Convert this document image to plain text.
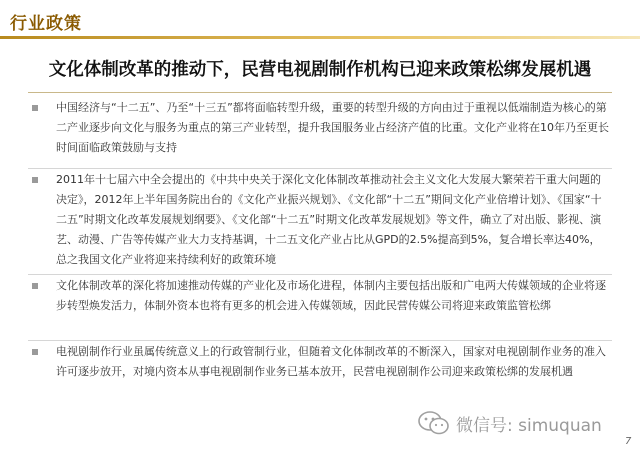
行业政策
文化体制改革的推动下，民营电视剧制作机构已迎来政策松绑发展机遇
中国经济与“十二五”、乃至“十三五”都将面临转型升级，重要的转型升级的方向由过于重视以低端制造为核心的第二产业逐步向文化与服务为重点的第三产业转型，提升我国服务业占经济产值的比重。文化产业将在10年乃至更长时间面临政策鼓励与支持
2011年十七届六中全会提出的《中共中央关于深化文化体制改革推动社会主义文化大发展大繁荣若干重大问题的决定》，2012年上半年国务院出台的《文化产业振兴规划》、《文化部“十二五”期间文化产业倍增计划》、《国家“十二五”时期文化改革发展规划纲要》、《文化部“十二五”时期文化改革发展规划》等文件，确立了对出版、影视、演艺、动漫、广告等传媒产业大力支持基调，十二五文化产业占比从GPD的2.5%提高到5%，复合增长率达40%，总之我国文化产业将迎来持续利好的政策环境
文化体制改革的深化将加速推动传媒的产业化及市场化进程，体制内主要包括出版和广电两大传媒领域的企业将逐步转型焕发活力，体制外资本也将有更多的机会进入传媒领域，因此民营传媒公司将迎来政策监管松绑
电视剧制作行业虽属传统意义上的行政管制行业，但随着文化体制改革的不断深入，国家对电视剧制作业务的准入许可逐步放开，对境内资本从事电视剧制作业务已基本放开，民营电视剧制作公司迎来政策松绑的发展机遇
微信号: simuquan
7
